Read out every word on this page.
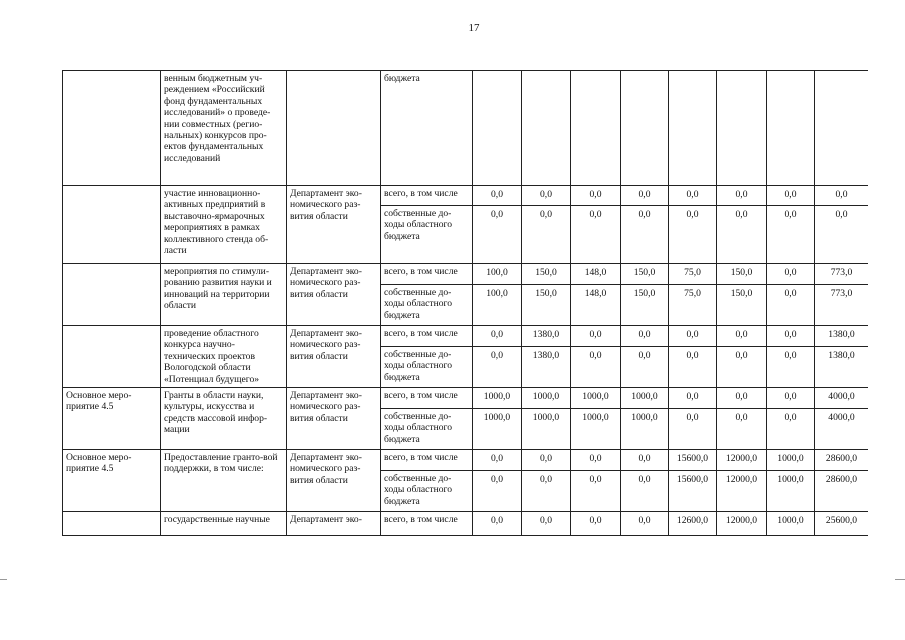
17
	венным бюджетным уч-реждением «Российский фонд фундаментальных исследований» о проведе-нии совместных (регио-нальных) конкурсов про-ектов фундаментальных исследований		бюджета								
	участие инновационно-активных предприятий в выставочно-ярмарочных мероприятиях в рамках коллективного стенда об-ласти	Департамент эко-номического раз-вития области	всего, в том числе	0,0	0,0	0,0	0,0	0,0	0,0	0,0	0,0
			собственные до-ходы областного бюджета	0,0	0,0	0,0	0,0	0,0	0,0	0,0	0,0
	мероприятия по стимули-рованию развития науки и инноваций на территории области	Департамент эко-номического раз-вития области	всего, в том числе	100,0	150,0	148,0	150,0	75,0	150,0	0,0	773,0
			собственные до-ходы областного бюджета	100,0	150,0	148,0	150,0	75,0	150,0	0,0	773,0
	проведение областного конкурса научно-технических проектов Вологодской области «Потенциал будущего»	Департамент эко-номического раз-вития области	всего, в том числе	0,0	1380,0	0,0	0,0	0,0	0,0	0,0	1380,0
			собственные до-ходы областного бюджета	0,0	1380,0	0,0	0,0	0,0	0,0	0,0	1380,0
Основное меро-приятие 4.5	Гранты в области науки, культуры, искусства и средств массовой инфор-мации	Департамент эко-номического раз-вития области	всего, в том числе	1000,0	1000,0	1000,0	1000,0	0,0	0,0	0,0	4000,0
			собственные до-ходы областного бюджета	1000,0	1000,0	1000,0	1000,0	0,0	0,0	0,0	4000,0
Основное меро-приятие 4.5	Предоставление гранто-вой поддержки, в том числе:	Департамент эко-номического раз-вития области	всего, в том числе	0,0	0,0	0,0	0,0	15600,0	12000,0	1000,0	28600,0
			собственные до-ходы областного бюджета	0,0	0,0	0,0	0,0	15600,0	12000,0	1000,0	28600,0
	государственные научные	Департамент эко-	всего, в том числе	0,0	0,0	0,0	0,0	12600,0	12000,0	1000,0	25600,0
